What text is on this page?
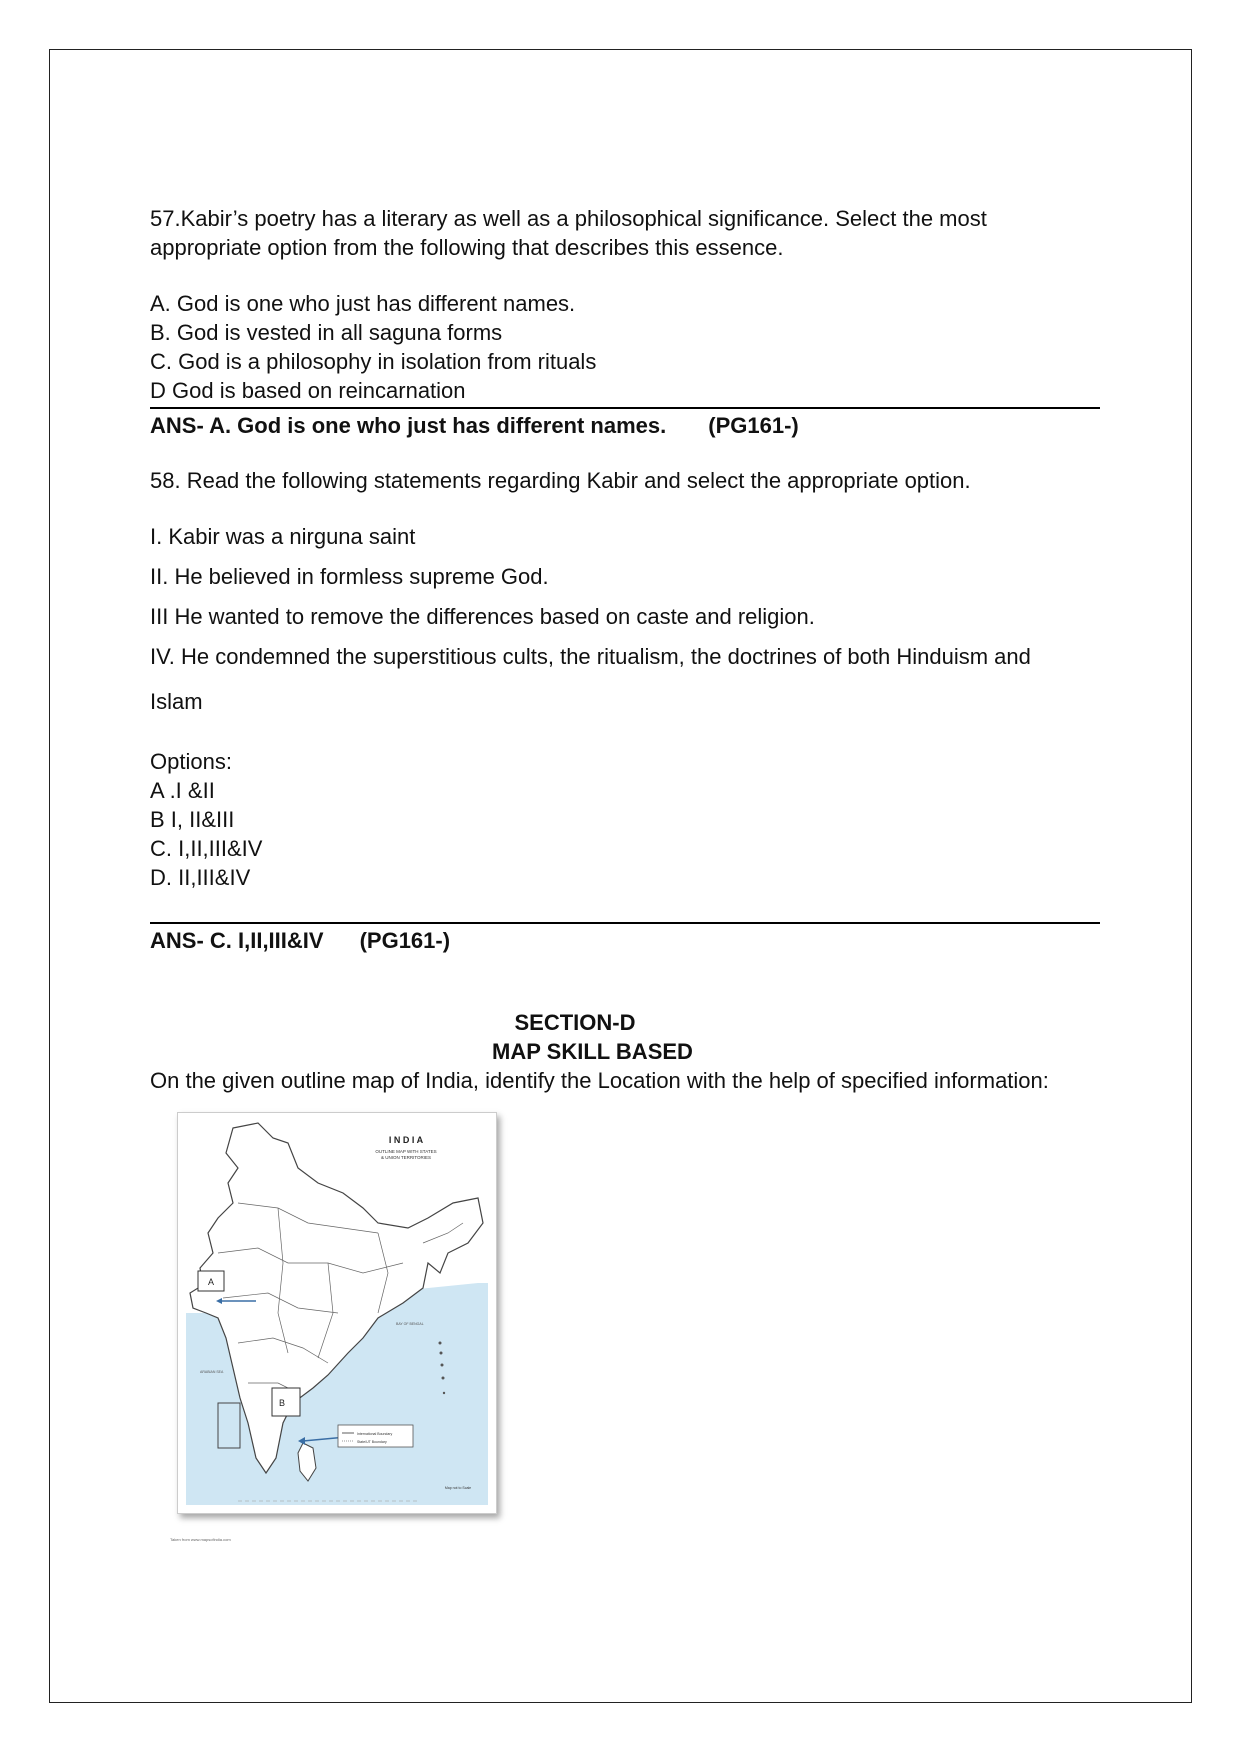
57.Kabir’s poetry has a literary as well as a philosophical significance. Select the most
appropriate option from the following that describes this essence.

A. God is one who just has different names.

B. God is vested in all saguna forms

C. God is a philosophy in isolation from rituals

D God is based on reincarnation

ANS- A. God is one who just has different names. (PG161-)

58. Read the following statements regarding Kabir and select the appropriate option.

I. Kabir was a nirguna saint

II. He believed in formless supreme God.

III He wanted to remove the differences based on caste and religion.

IV. He condemned the superstitious cults, the ritualism, the doctrines of both Hinduism and

Islam

Options:

A .I &II

B I, II&III

C. I,II,III&IV

D. II,III&IV

ANS- C. I,II,III&IV (PG161-)

SECTION-D
MAP SKILL BASED

On the given outline map of India, identify the Location with the help of specified information:

I N D I A
OUTLINE MAP WITH STATES
& UNION TERRITORIES
ARABIAN SEA
BAY OF BENGAL
A
B
International Boundary
State/UT Boundary
Map not to Scale
Taken from www.mapsofindia.com
